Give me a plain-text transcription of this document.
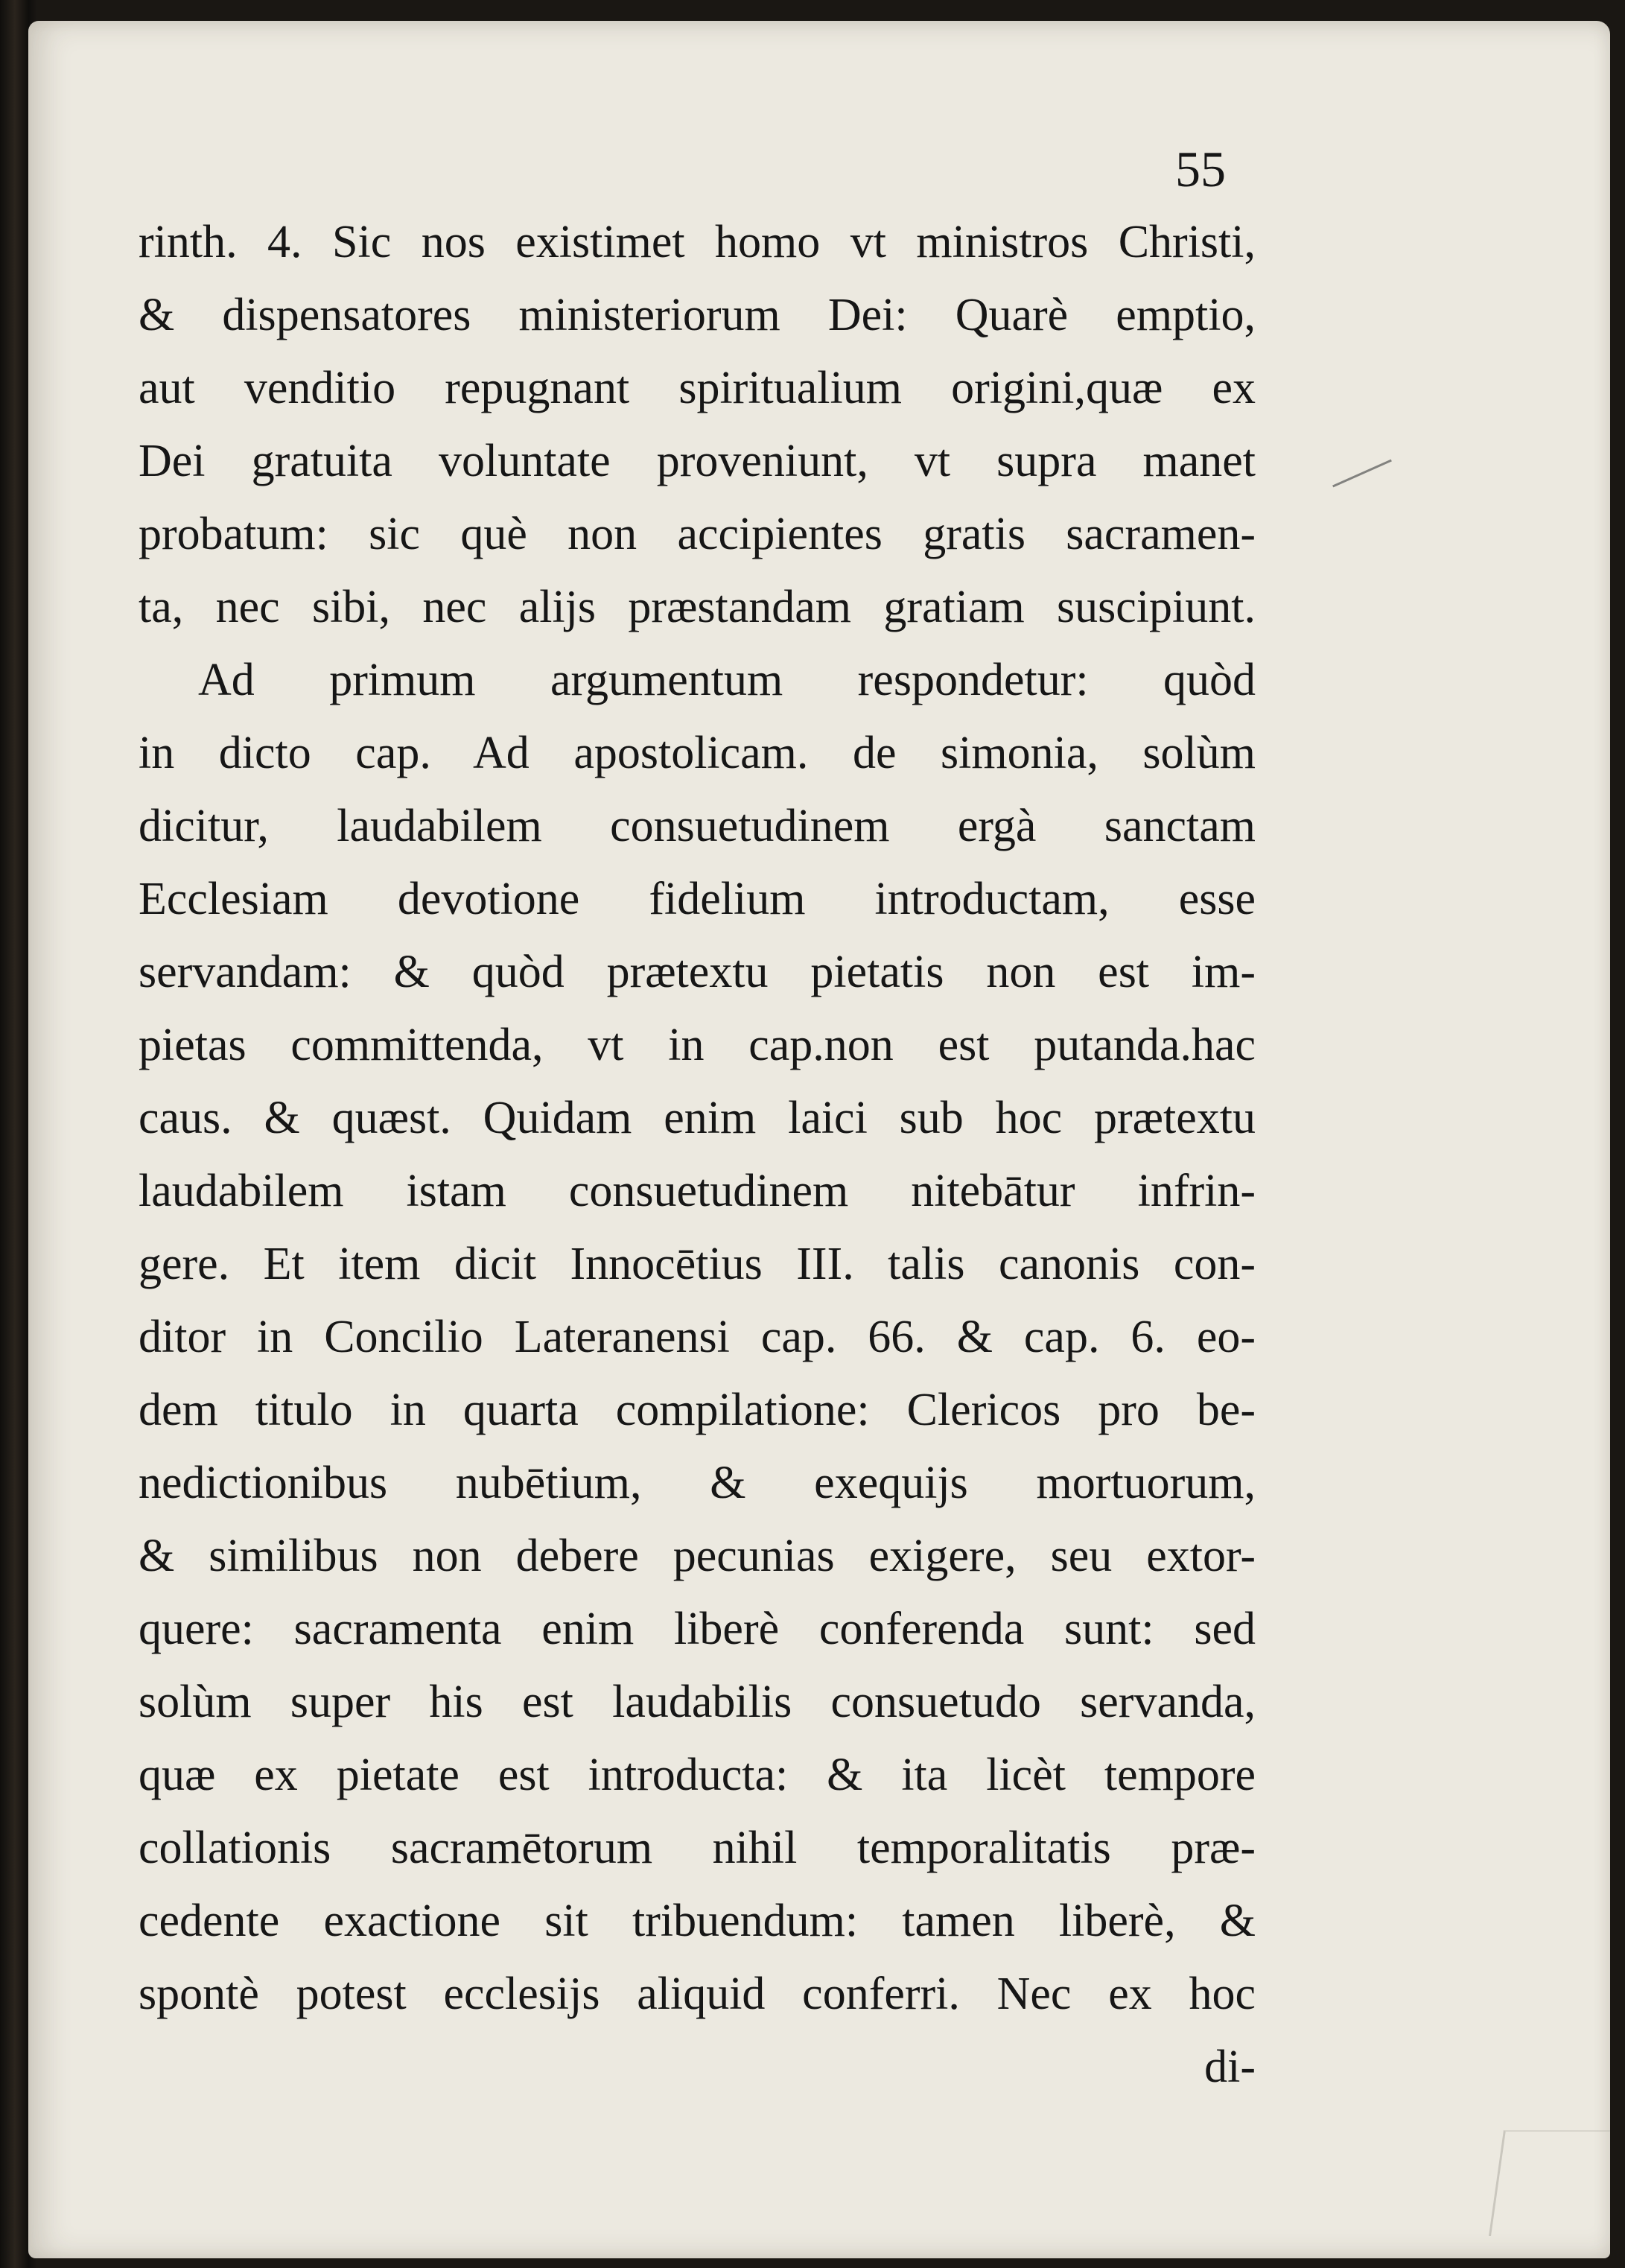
55
rinth. 4. Sic nos existimet homo vt ministros Christi,
& dispensatores ministeriorum Dei: Quarè emptio,
aut venditio repugnant spiritualium origini,quæ ex
Dei gratuita voluntate proveniunt, vt supra manet
probatum: sic què non accipientes gratis sacramen-
ta, nec sibi, nec alijs præstandam gratiam suscipiunt.
Ad primum argumentum respondetur: quòd
in dicto cap. Ad apostolicam. de simonia, solùm
dicitur, laudabilem consuetudinem ergà sanctam
Ecclesiam devotione fidelium introductam, esse
servandam: & quòd prætextu pietatis non est im-
pietas committenda, vt in cap.non est putanda.hac
caus. & quæst. Quidam enim laici sub hoc prætextu
laudabilem istam consuetudinem nitebātur infrin-
gere. Et item dicit Innocētius III. talis canonis con-
ditor in Concilio Lateranensi cap. 66. & cap. 6. eo-
dem titulo in quarta compilatione: Clericos pro be-
nedictionibus nubētium, & exequijs mortuorum,
& similibus non debere pecunias exigere, seu extor-
quere: sacramenta enim liberè conferenda sunt: sed
solùm super his est laudabilis consuetudo servanda,
quæ ex pietate est introducta: & ita licèt tempore
collationis sacramētorum nihil temporalitatis præ-
cedente exactione sit tribuendum: tamen liberè, &
spontè potest ecclesijs aliquid conferri. Nec ex hoc
di-
